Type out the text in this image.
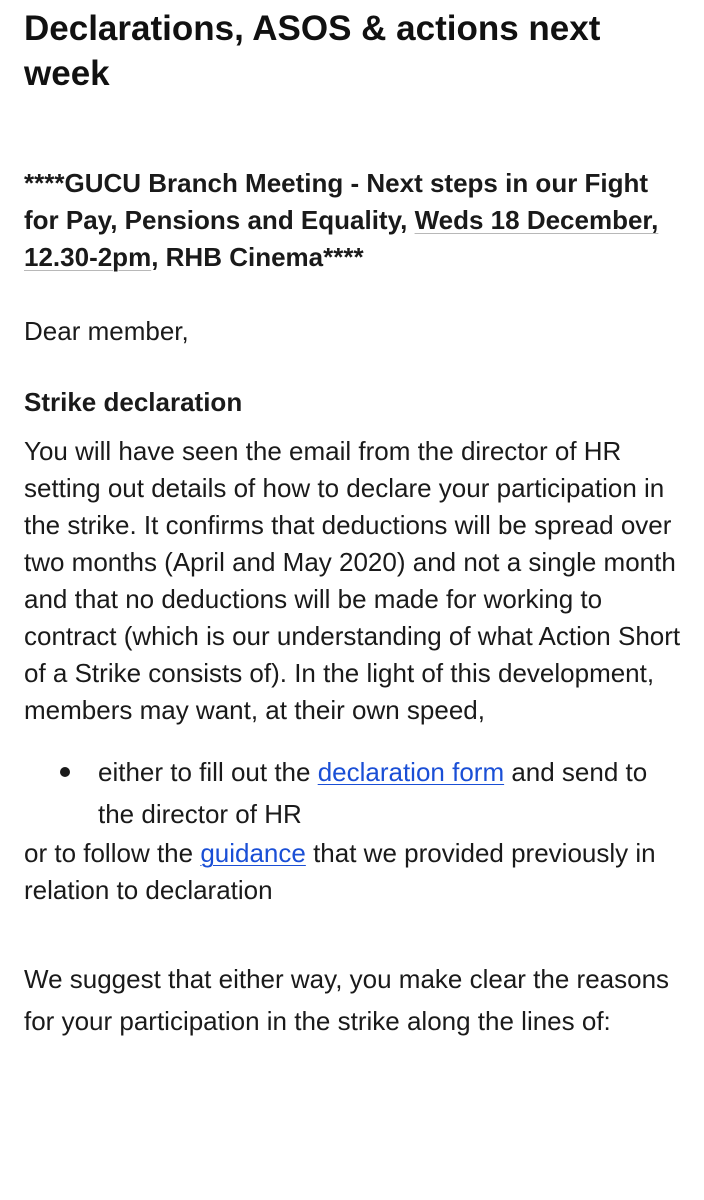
Declarations, ASOS & actions next week
****GUCU Branch Meeting - Next steps in our Fight for Pay, Pensions and Equality, Weds 18 December, 12.30-2pm, RHB Cinema****
Dear member,
Strike declaration
You will have seen the email from the director of HR setting out details of how to declare your participation in the strike. It confirms that deductions will be spread over two months (April and May 2020) and not a single month and that no deductions will be made for working to contract (which is our understanding of what Action Short of a Strike consists of). In the light of this development, members may want, at their own speed,
either to fill out the declaration form and send to the director of HR
or to follow the guidance that we provided previously in relation to declaration
We suggest that either way, you make clear the reasons for your participation in the strike along the lines of:
